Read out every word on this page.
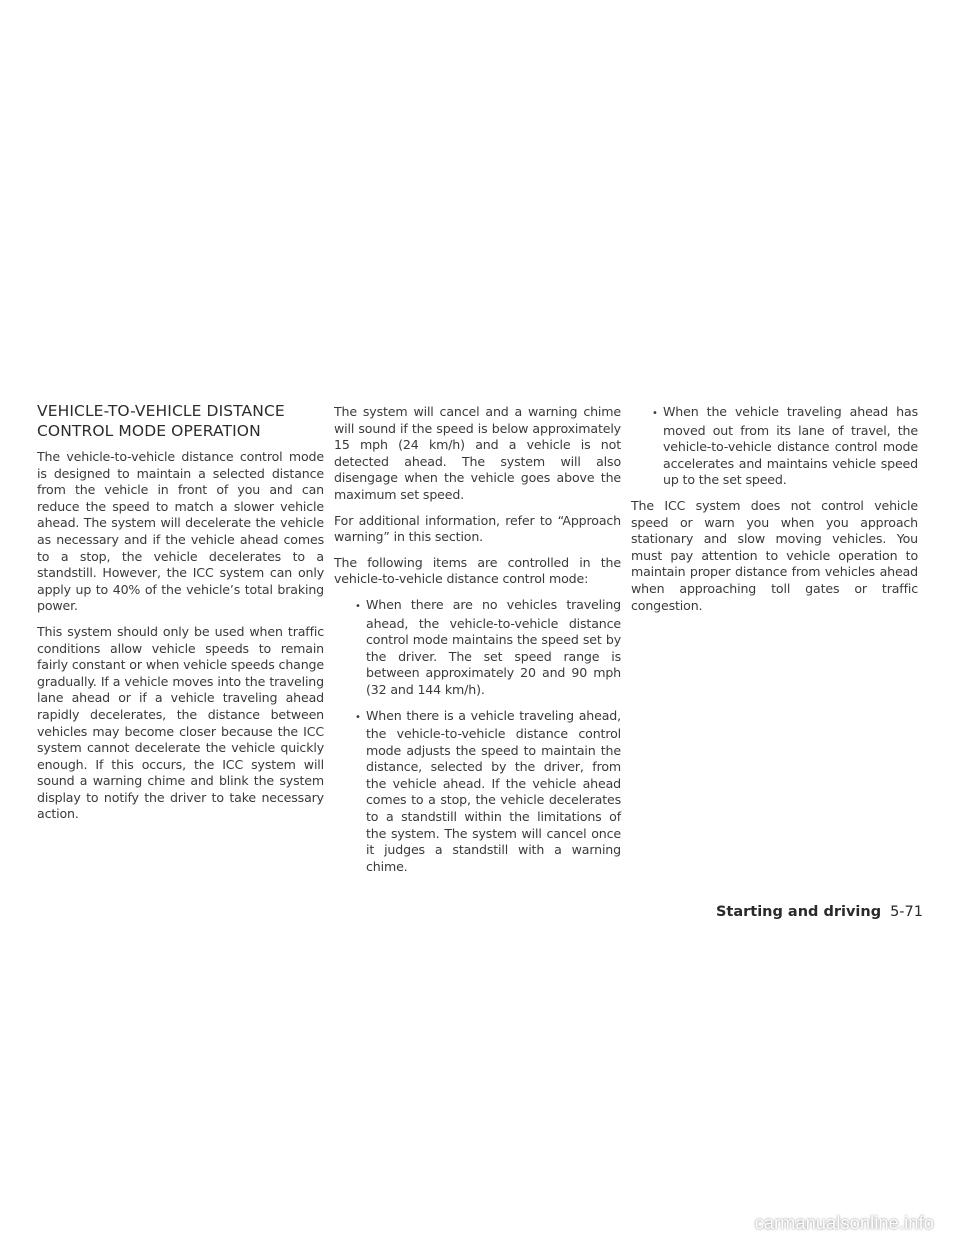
VEHICLE-TO-VEHICLE DISTANCE
CONTROL MODE OPERATION

The vehicle-to-vehicle distance control mode is designed to maintain a selected distance from the vehicle in front of you and can reduce the speed to match a slower vehicle ahead. The system will decelerate the vehicle as necessary and if the vehicle ahead comes to a stop, the vehicle decelerates to a standstill. However, the ICC system can only apply up to 40% of the vehicle’s total braking power.

This system should only be used when traffic conditions allow vehicle speeds to remain fairly constant or when vehicle speeds change gradually. If a vehicle moves into the traveling lane ahead or if a vehicle traveling ahead rapidly decelerates, the distance between vehicles may become closer because the ICC system cannot decelerate the vehicle quickly enough. If this occurs, the ICC system will sound a warning chime and blink the system display to notify the driver to take necessary action.

The system will cancel and a warning chime will sound if the speed is below approximately 15 mph (24 km/h) and a vehicle is not detected ahead. The system will also disengage when the vehicle goes above the maximum set speed.

For additional information, refer to “Approach warning” in this section.

The following items are controlled in the vehicle-to-vehicle distance control mode:

• When there are no vehicles traveling ahead, the vehicle-to-vehicle distance control mode maintains the speed set by the driver. The set speed range is between approximately 20 and 90 mph (32 and 144 km/h).
• When there is a vehicle traveling ahead, the vehicle-to-vehicle distance control mode adjusts the speed to maintain the distance, selected by the driver, from the vehicle ahead. If the vehicle ahead comes to a stop, the vehicle decelerates to a standstill within the limitations of the system. The system will cancel once it judges a standstill with a warning chime.
• When the vehicle traveling ahead has moved out from its lane of travel, the vehicle-to-vehicle distance control mode accelerates and maintains vehicle speed up to the set speed.

The ICC system does not control vehicle speed or warn you when you approach stationary and slow moving vehicles. You must pay attention to vehicle operation to maintain proper distance from vehicles ahead when approaching toll gates or traffic congestion.

Starting and driving 5-71
carmanualsonline.info
